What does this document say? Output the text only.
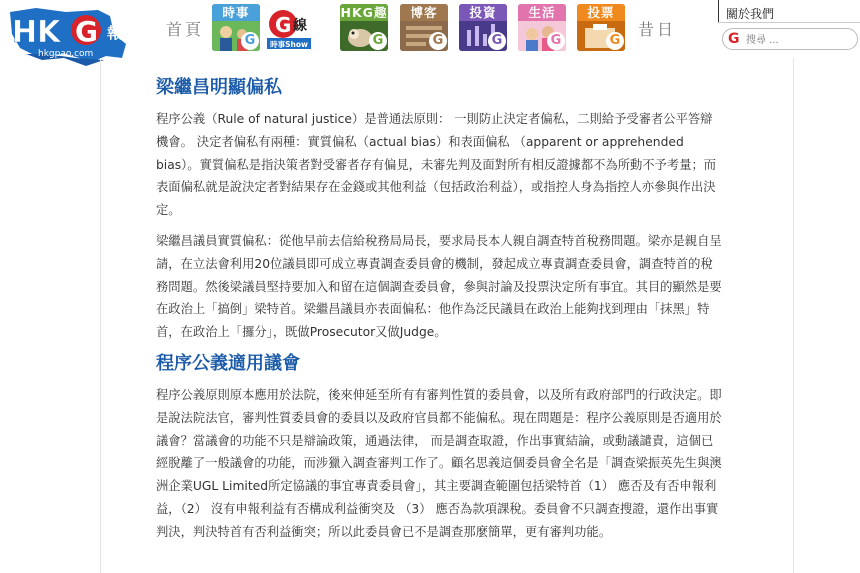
HK G 報
hkgpao.com
首頁
時事
G
G 線
時事Show
HKG趣
G
博客
G
投資
G
生活
G
投票
G
昔日
關於我們
G
搜尋 ...
梁繼昌明顯偏私

程序公義（Rule of natural justice）是普通法原則： 一則防止決定者偏私，二則給予受審者公平答辯機會。 決定者偏私有兩種：實質偏私（actual bias）和表面偏私 （apparent or apprehended bias）。實質偏私是指決策者對受審者存有偏見，未審先判及面對所有相反證據都不為所動不予考量；而表面偏私就是說決定者對結果存在金錢或其他利益（包括政治利益），或指控人身為指控人亦參與作出決定。

梁繼昌議員實質偏私：從他早前去信給稅務局局長，要求局長本人親自調查特首稅務問題。梁亦是親自呈請，在立法會利用20位議員即可成立專責調查委員會的機制，發起成立專責調查委員會，調查特首的稅務問題。然後梁議員堅持要加入和留在這個調查委員會，參與討論及投票決定所有事宜。其目的顯然是要在政治上「搞倒」梁特首。梁繼昌議員亦表面偏私：他作為泛民議員在政治上能夠找到理由「抹黑」特首，在政治上「攞分」，既做Prosecutor又做Judge。

程序公義適用議會

程序公義原則原本應用於法院，後來伸延至所有有審判性質的委員會，以及所有政府部門的行政決定。即是說法院法官，審判性質委員會的委員以及政府官員都不能偏私。現在問題是：程序公義原則是否適用於議會？當議會的功能不只是辯論政策，通過法律， 而是調查取證，作出事實結論，或動議譴責，這個已經脫離了一般議會的功能，而涉獵入調查審判工作了。顧名思義這個委員會全名是「調查梁振英先生與澳洲企業UGL Limited所定協議的事宜專責委員會」，其主要調查範圍包括梁特首（1） 應否及有否申報利益，（2） 沒有申報利益有否構成利益衝突及 （3） 應否為款項課稅。委員會不只調查搜證，還作出事實判決，判決特首有否利益衝突；所以此委員會已不是調查那麼簡單，更有審判功能。
